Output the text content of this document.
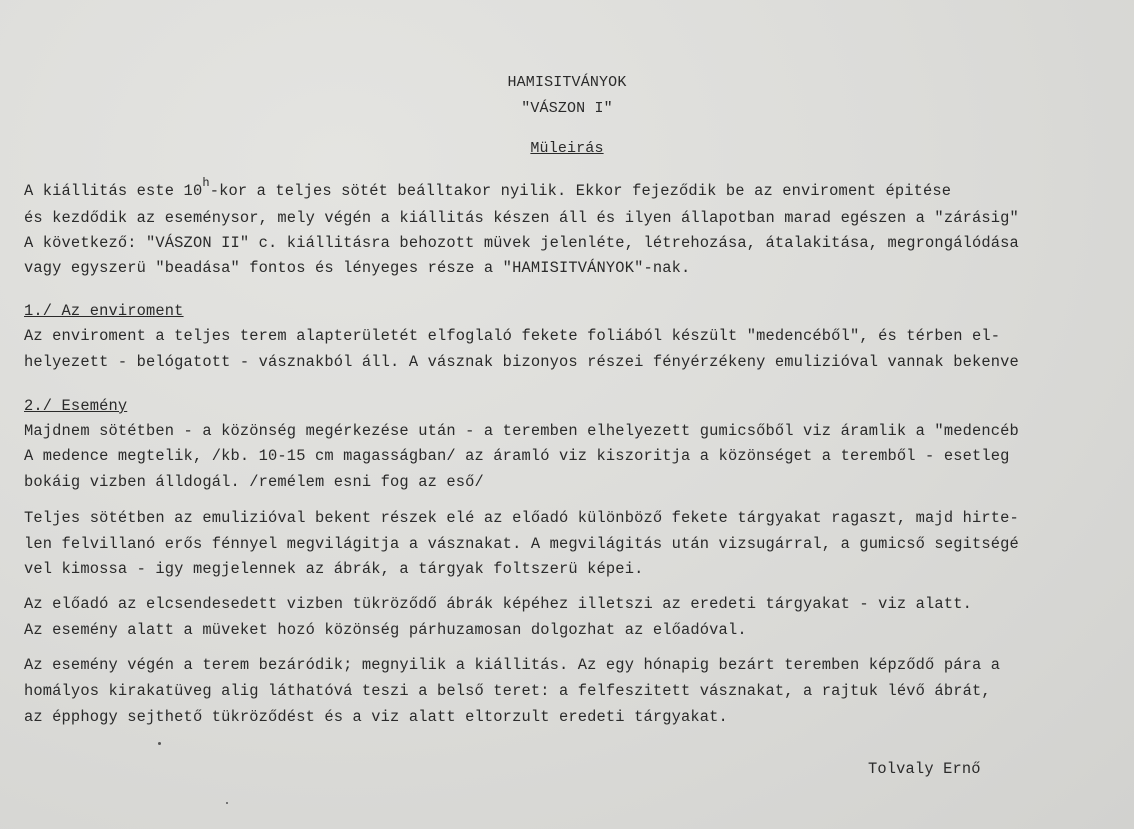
HAMISITVÁNYOK
"VÁSZON I"
Müleirás
A kiállitás este 10$^h$-kor a teljes sötét beálltakor nyilik. Ekkor fejeződik be az enviroment épitése
és kezdődik az eseménysor, mely végén a kiállitás készen áll és ilyen állapotban marad egészen a "zárásig"
A következő: "VÁSZON II" c. kiállitásra behozott müvek jelenléte, létrehozása, átalakitása, megrongálódása
vagy egyszerü "beadása" fontos és lényeges része a "HAMISITVÁNYOK"-nak.
1./ Az enviroment
Az enviroment a teljes terem alapterületét elfoglaló fekete foliából készült "medencéből", és térben el-
helyezett - belógatott - vásznakból áll. A vásznak bizonyos részei fényérzékeny emulizióval vannak bekenve
2./ Esemény
Majdnem sötétben - a közönség megérkezése után - a teremben elhelyezett gumicsőből viz áramlik a "medencéb
A medence megtelik, /kb. 10-15 cm magasságban/ az áramló viz kiszoritja a közönséget a teremből - esetleg
bokáig vizben álldogál. /remélem esni fog az eső/
Teljes sötétben az emulizióval bekent részek elé az előadó különböző fekete tárgyakat ragaszt, majd hirte-
len felvillanó erős fénnyel megvilágitja a vásznakat. A megvilágitás után vizsugárral, a gumicső segitségé
vel kimossa - igy megjelennek az ábrák, a tárgyak foltszerü képei.
Az előadó az elcsendesedett vizben tükröződő ábrák képéhez illetszi az eredeti tárgyakat - viz alatt.
Az esemény alatt a müveket hozó közönség párhuzamosan dolgozhat az előadóval.
Az esemény végén a terem bezáródik; megnyilik a kiállitás. Az egy hónapig bezárt teremben képződő pára a
homályos kirakatüveg alig láthatóvá teszi a belső teret: a felfeszitett vásznakat, a rajtuk lévő ábrát,
az épphogy sejthető tükröződést és a viz alatt eltorzult eredeti tárgyakat.
Tolvaly Ernő
